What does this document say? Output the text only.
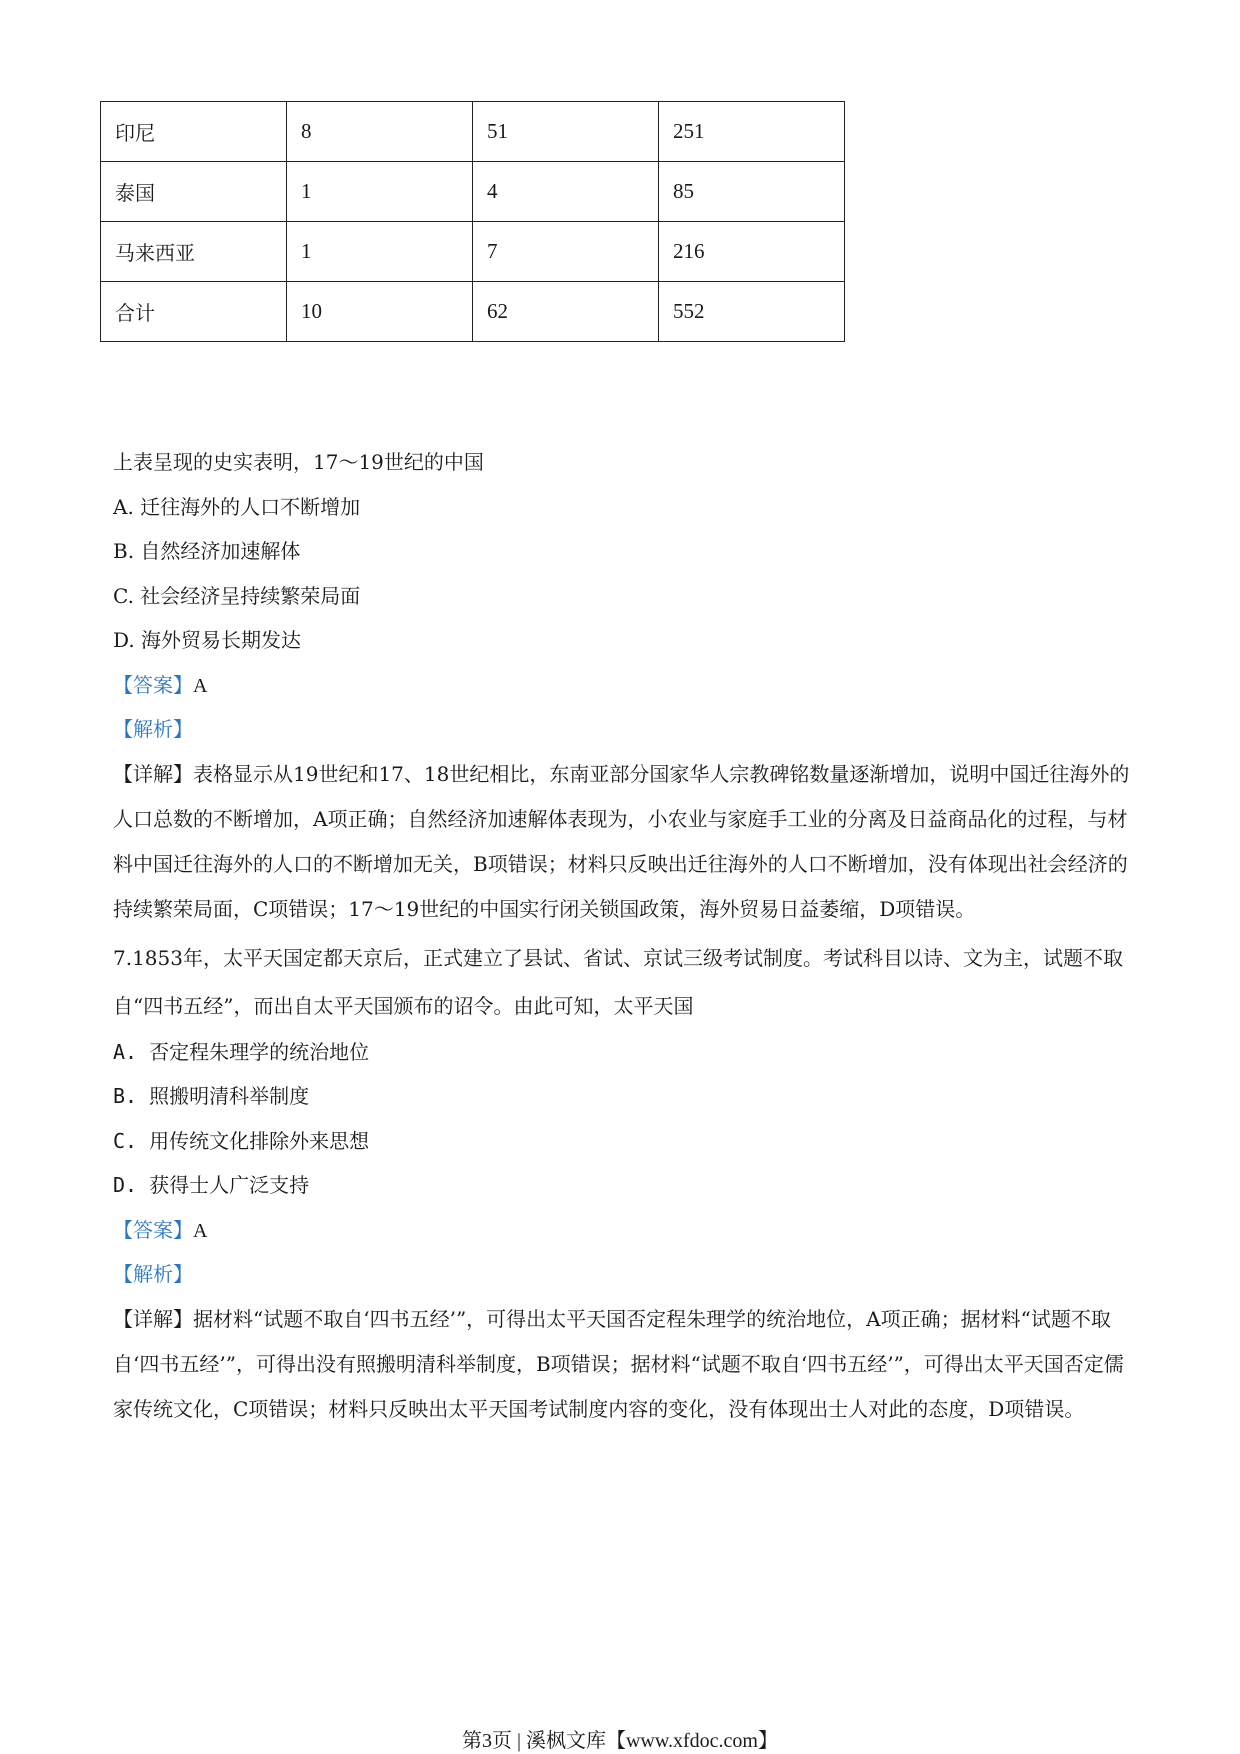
印尼	8	51	251
泰国	1	4	85
马来西亚	1	7	216
合计	10	62	552
上表呈现的史实表明，17～19世纪的中国
A. 迁往海外的人口不断增加
B. 自然经济加速解体
C. 社会经济呈持续繁荣局面
D. 海外贸易长期发达
【答案】A
【解析】
【详解】表格显示从19世纪和17、18世纪相比，东南亚部分国家华人宗教碑铭数量逐渐增加，说明中国迁往海外的人口总数的不断增加，A项正确；自然经济加速解体表现为，小农业与家庭手工业的分离及日益商品化的过程，与材料中国迁往海外的人口的不断增加无关，B项错误；材料只反映出迁往海外的人口不断增加，没有体现出社会经济的持续繁荣局面，C项错误；17～19世纪的中国实行闭关锁国政策，海外贸易日益萎缩，D项错误。
7.1853年，太平天国定都天京后，正式建立了县试、省试、京试三级考试制度。考试科目以诗、文为主，试题不取自“四书五经”，而出自太平天国颁布的诏令。由此可知，太平天国
A. 否定程朱理学的统治地位
B. 照搬明清科举制度
C. 用传统文化排除外来思想
D. 获得士人广泛支持
【答案】A
【解析】
【详解】据材料“试题不取自‘四书五经’”，可得出太平天国否定程朱理学的统治地位，A项正确；据材料“试题不取自‘四书五经’”，可得出没有照搬明清科举制度，B项错误；据材料“试题不取自‘四书五经’”，可得出太平天国否定儒家传统文化，C项错误；材料只反映出太平天国考试制度内容的变化，没有体现出士人对此的态度，D项错误。
第3页 | 溪枫文库【www.xfdoc.com】
